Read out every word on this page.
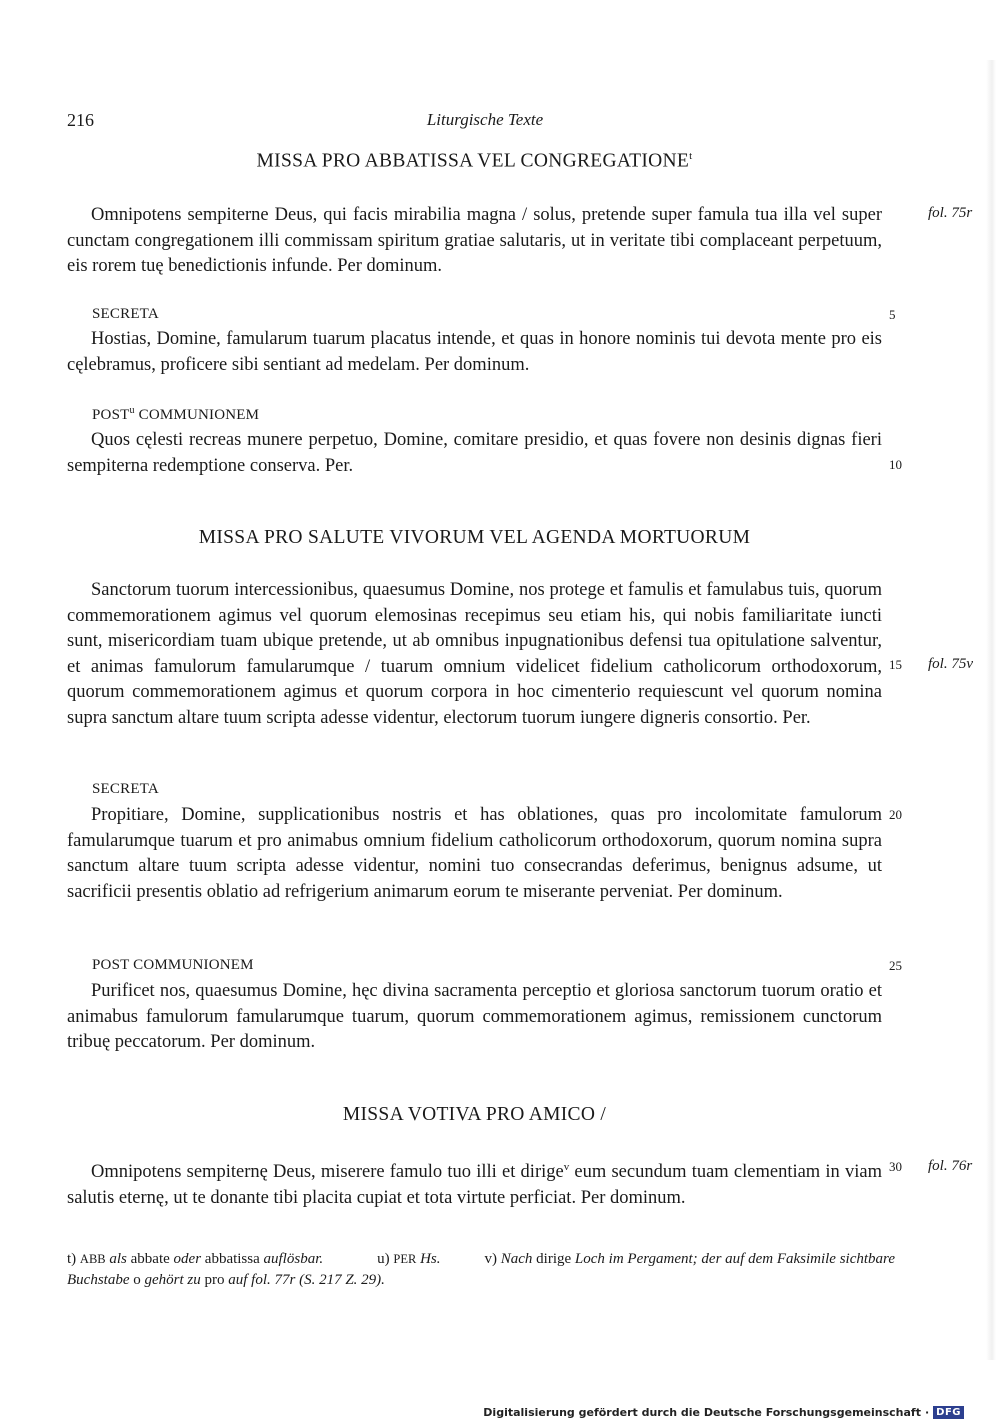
216	Liturgische Texte
MISSA PRO ABBATISSA VEL CONGREGATIONE$^t$
Omnipotens sempiterne Deus, qui facis mirabilia magna / solus, pretende super famula tua illa vel super cunctam congregationem illi commissam spiritum gratiae salutaris, ut in veritate tibi complaceant perpetuum, eis rorem tuę benedictionis infunde. Per dominum.
fol. 75r
SECRETA	5
Hostias, Domine, famularum tuarum placatus intende, et quas in honore nominis tui devota mente pro eis cęlebramus, proficere sibi sentiant ad medelam. Per dominum.
POST$^u$ COMMUNIONEM
Quos cęlesti recreas munere perpetuo, Domine, comitare presidio, et quas fovere non desinis dignas fieri sempiterna redemptione conserva. Per.	10
MISSA PRO SALUTE VIVORUM VEL AGENDA MORTUORUM
Sanctorum tuorum intercessionibus, quaesumus Domine, nos protege et famulis et famulabus tuis, quorum commemorationem agimus vel quorum elemosinas recepimus seu etiam his, qui nobis familiaritate iuncti sunt, misericordiam tuam ubique pretende, ut ab omnibus inpugnationibus defensi tua opitulatione salventur, et animas famulorum famularumque / tuarum omnium videlicet fidelium catholicorum orthodoxorum, quorum commemorationem agimus et quorum corpora in hoc cimenterio requiescunt vel quorum nomina supra sanctum altare tuum scripta adesse videntur, electorum tuorum iungere digneris consortio. Per.
15 fol. 75v
SECRETA
Propitiare, Domine, supplicationibus nostris et has oblationes, quas pro incolomitate famulorum famularumque tuarum et pro animabus omnium fidelium catholicorum orthodoxorum, quorum nomina supra sanctum altare tuum scripta adesse videntur, nomini tuo consecrandas deferimus, benignus adsume, ut sacrificii presentis oblatio ad refrigerium animarum eorum te miserante perveniat. Per dominum.
20
POST COMMUNIONEM	25
Purificet nos, quaesumus Domine, hęc divina sacramenta perceptio et gloriosa sanctorum tuorum oratio et animabus famulorum famularumque tuarum, quorum commemorationem agimus, remissionem cunctorum tribuę peccatorum. Per dominum.
MISSA VOTIVA PRO AMICO /
Omnipotens sempiternę Deus, miserere famulo tuo illi et dirige$^v$ eum secundum tuam clementiam in viam salutis eternę, ut te donante tibi placita cupiat et tota virtute perficiat. Per dominum.
30 fol. 76r
t) ABB als abbate oder abbatissa auflösbar.	u) PER Hs.	v) Nach dirige Loch im Pergament; der auf dem Faksimile sichtbare Buchstabe o gehört zu pro auf fol. 77r (S. 217 Z. 29).
Digitalisierung gefördert durch die Deutsche Forschungsgemeinschaft · DFG
